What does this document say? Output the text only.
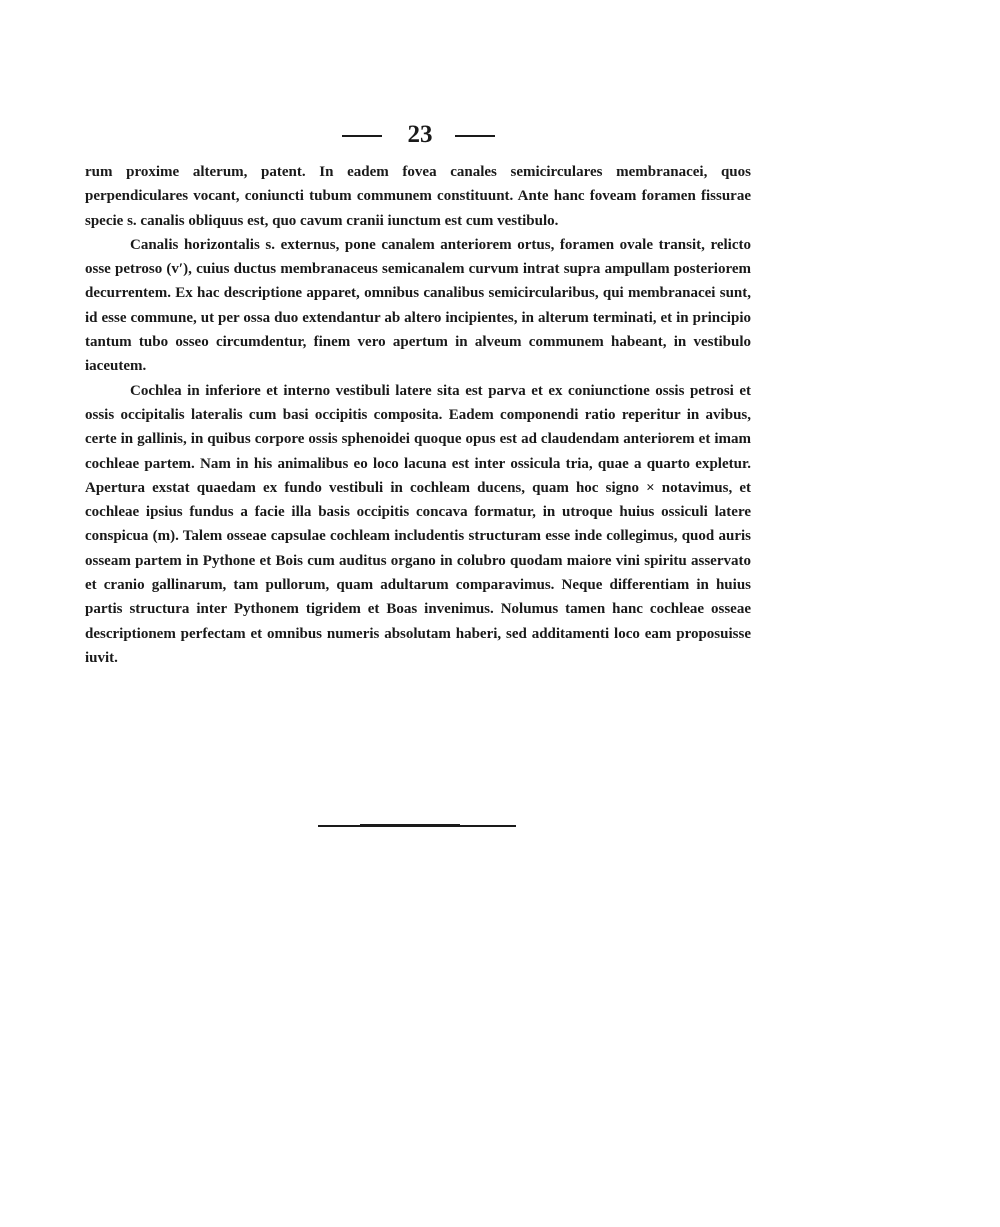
23

rum proxime alterum, patent. In eadem fovea canales semicirculares membranacei, quos perpendiculares vocant, coniuncti tubum communem constituunt. Ante hanc foveam foramen fissurae specie s. canalis obliquus est, quo cavum cranii iunctum est cum vestibulo.

Canalis horizontalis s. externus, pone canalem anteriorem ortus, foramen ovale transit, relicto osse petroso (v′), cuius ductus membranaceus semicanalem curvum intrat supra ampullam posteriorem decurrentem. Ex hac descriptione apparet, omnibus canalibus semicircularibus, qui membranacei sunt, id esse commune, ut per ossa duo extendantur ab altero incipientes, in alterum terminati, et in principio tantum tubo osseo circumdentur, finem vero apertum in alveum communem habeant, in vestibulo iaceutem.

Cochlea in inferiore et interno vestibuli latere sita est parva et ex coniunctione ossis petrosi et ossis occipitalis lateralis cum basi occipitis composita. Eadem componendi ratio reperitur in avibus, certe in gallinis, in quibus corpore ossis sphenoidei quoque opus est ad claudendam anteriorem et imam cochleae partem. Nam in his animalibus eo loco lacuna est inter ossicula tria, quae a quarto expletur. Apertura exstat quaedam ex fundo vestibuli in cochleam ducens, quam hoc signo × notavimus, et cochleae ipsius fundus a facie illa basis occipitis concava formatur, in utroque huius ossiculi latere conspicua (m). Talem osseae capsulae cochleam includentis structuram esse inde collegimus, quod auris osseam partem in Pythone et Bois cum auditus organo in colubro quodam maiore vini spiritu asservato et cranio gallinarum, tam pullorum, quam adultarum comparavimus. Neque differentiam in huius partis structura inter Pythonem tigridem et Boas invenimus. Nolumus tamen hanc cochleae osseae descriptionem perfectam et omnibus numeris absolutam haberi, sed additamenti loco eam proposuisse iuvit.
